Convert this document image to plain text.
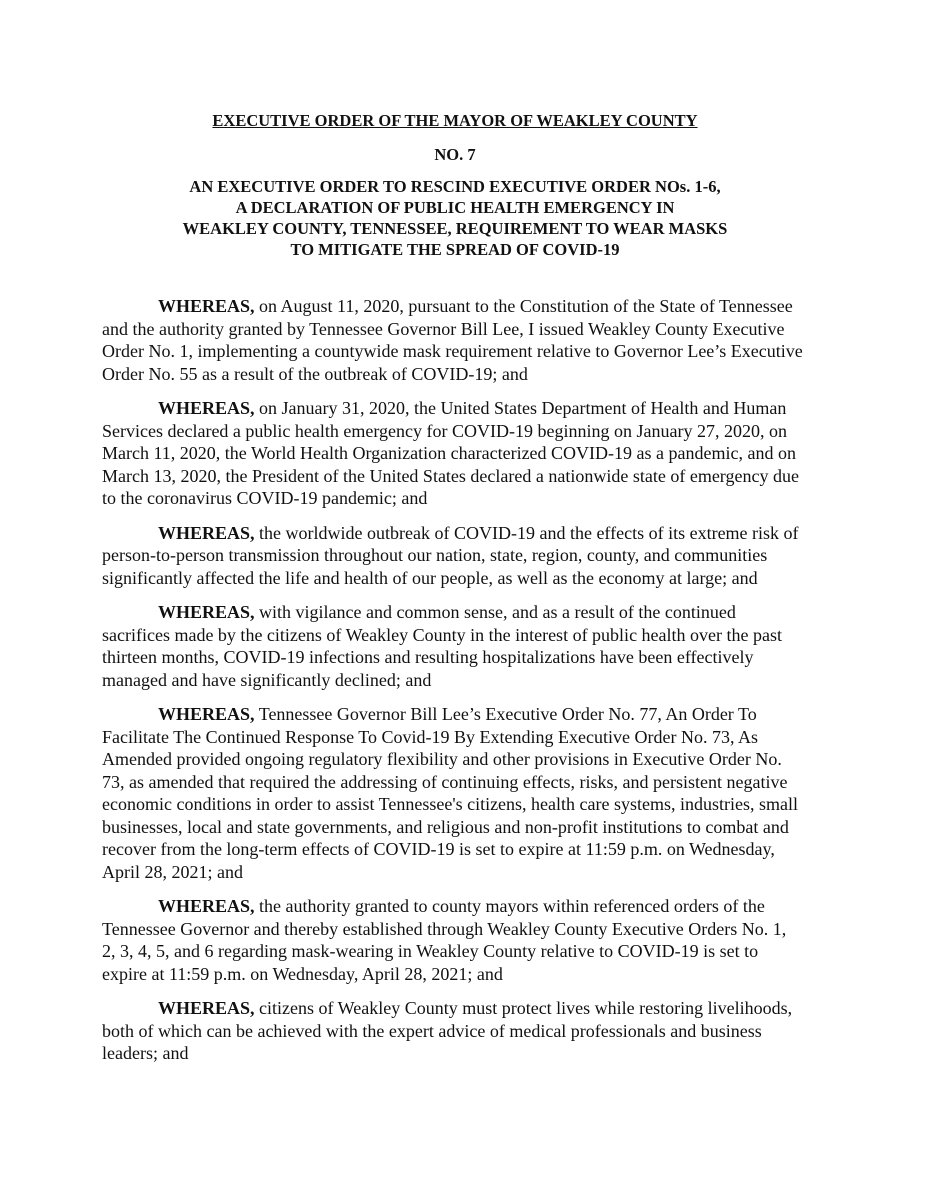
EXECUTIVE ORDER OF THE MAYOR OF WEAKLEY COUNTY
NO. 7
AN EXECUTIVE ORDER TO RESCIND EXECUTIVE ORDER NOs. 1-6,
A DECLARATION OF PUBLIC HEALTH EMERGENCY IN
WEAKLEY COUNTY, TENNESSEE, REQUIREMENT TO WEAR MASKS
TO MITIGATE THE SPREAD OF COVID-19
WHEREAS, on August 11, 2020, pursuant to the Constitution of the State of Tennessee
and the authority granted by Tennessee Governor Bill Lee, I issued Weakley County Executive
Order No. 1, implementing a countywide mask requirement relative to Governor Lee’s Executive
Order No. 55 as a result of the outbreak of COVID-19; and
WHEREAS, on January 31, 2020, the United States Department of Health and Human
Services declared a public health emergency for COVID-19 beginning on January 27, 2020, on
March 11, 2020, the World Health Organization characterized COVID-19 as a pandemic, and on
March 13, 2020, the President of the United States declared a nationwide state of emergency due
to the coronavirus COVID-19 pandemic; and
WHEREAS, the worldwide outbreak of COVID-19 and the effects of its extreme risk of
person-to-person transmission throughout our nation, state, region, county, and communities
significantly affected the life and health of our people, as well as the economy at large; and
WHEREAS, with vigilance and common sense, and as a result of the continued
sacrifices made by the citizens of Weakley County in the interest of public health over the past
thirteen months, COVID-19 infections and resulting hospitalizations have been effectively
managed and have significantly declined; and
WHEREAS, Tennessee Governor Bill Lee’s Executive Order No. 77, An Order To
Facilitate The Continued Response To Covid-19 By Extending Executive Order No. 73, As
Amended provided ongoing regulatory flexibility and other provisions in Executive Order No.
73, as amended that required the addressing of continuing effects, risks, and persistent negative
economic conditions in order to assist Tennessee's citizens, health care systems, industries, small
businesses, local and state governments, and religious and non-profit institutions to combat and
recover from the long-term effects of COVID-19 is set to expire at 11:59 p.m. on Wednesday,
April 28, 2021; and
WHEREAS, the authority granted to county mayors within referenced orders of the
Tennessee Governor and thereby established through Weakley County Executive Orders No. 1,
2, 3, 4, 5, and 6 regarding mask-wearing in Weakley County relative to COVID-19 is set to
expire at 11:59 p.m. on Wednesday, April 28, 2021; and
WHEREAS, citizens of Weakley County must protect lives while restoring livelihoods,
both of which can be achieved with the expert advice of medical professionals and business
leaders; and
